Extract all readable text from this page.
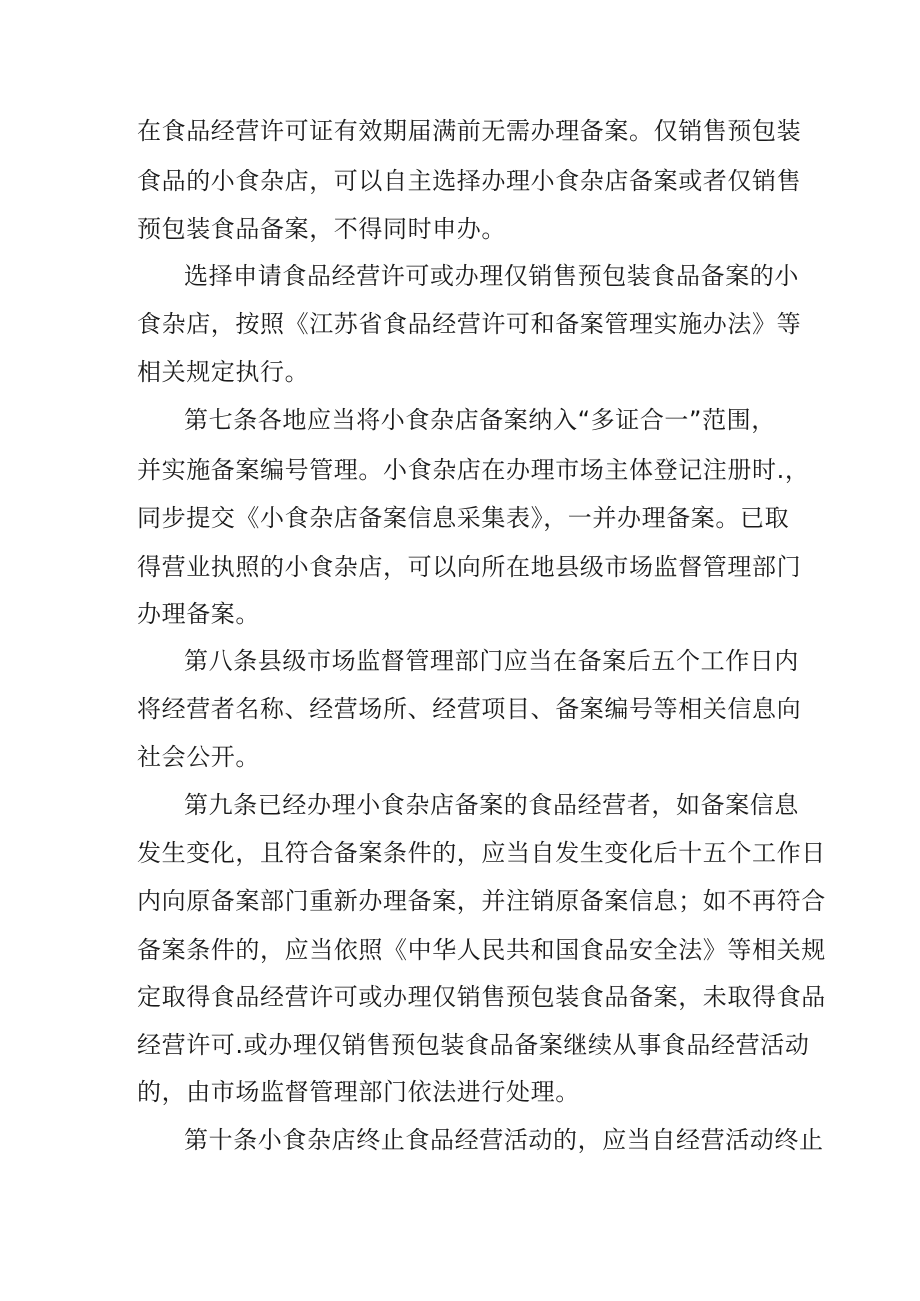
在食品经营许可证有效期届满前无需办理备案。仅销售预包装
食品的小食杂店，可以自主选择办理小食杂店备案或者仅销售
预包装食品备案，不得同时申办。
选择申请食品经营许可或办理仅销售预包装食品备案的小
食杂店，按照《江苏省食品经营许可和备案管理实施办法》等
相关规定执行。
第七条各地应当将小食杂店备案纳入“多证合一”范围，
并实施备案编号管理。小食杂店在办理市场主体登记注册时.，
同步提交《小食杂店备案信息采集表》，一并办理备案。已取
得营业执照的小食杂店，可以向所在地县级市场监督管理部门
办理备案。
第八条县级市场监督管理部门应当在备案后五个工作日内
将经营者名称、经营场所、经营项目、备案编号等相关信息向
社会公开。
第九条已经办理小食杂店备案的食品经营者，如备案信息
发生变化，且符合备案条件的，应当自发生变化后十五个工作日
内向原备案部门重新办理备案，并注销原备案信息；如不再符合
备案条件的，应当依照《中华人民共和国食品安全法》等相关规
定取得食品经营许可或办理仅销售预包装食品备案，未取得食品
经营许可.或办理仅销售预包装食品备案继续从事食品经营活动
的，由市场监督管理部门依法进行处理。
第十条小食杂店终止食品经营活动的，应当自经营活动终止
